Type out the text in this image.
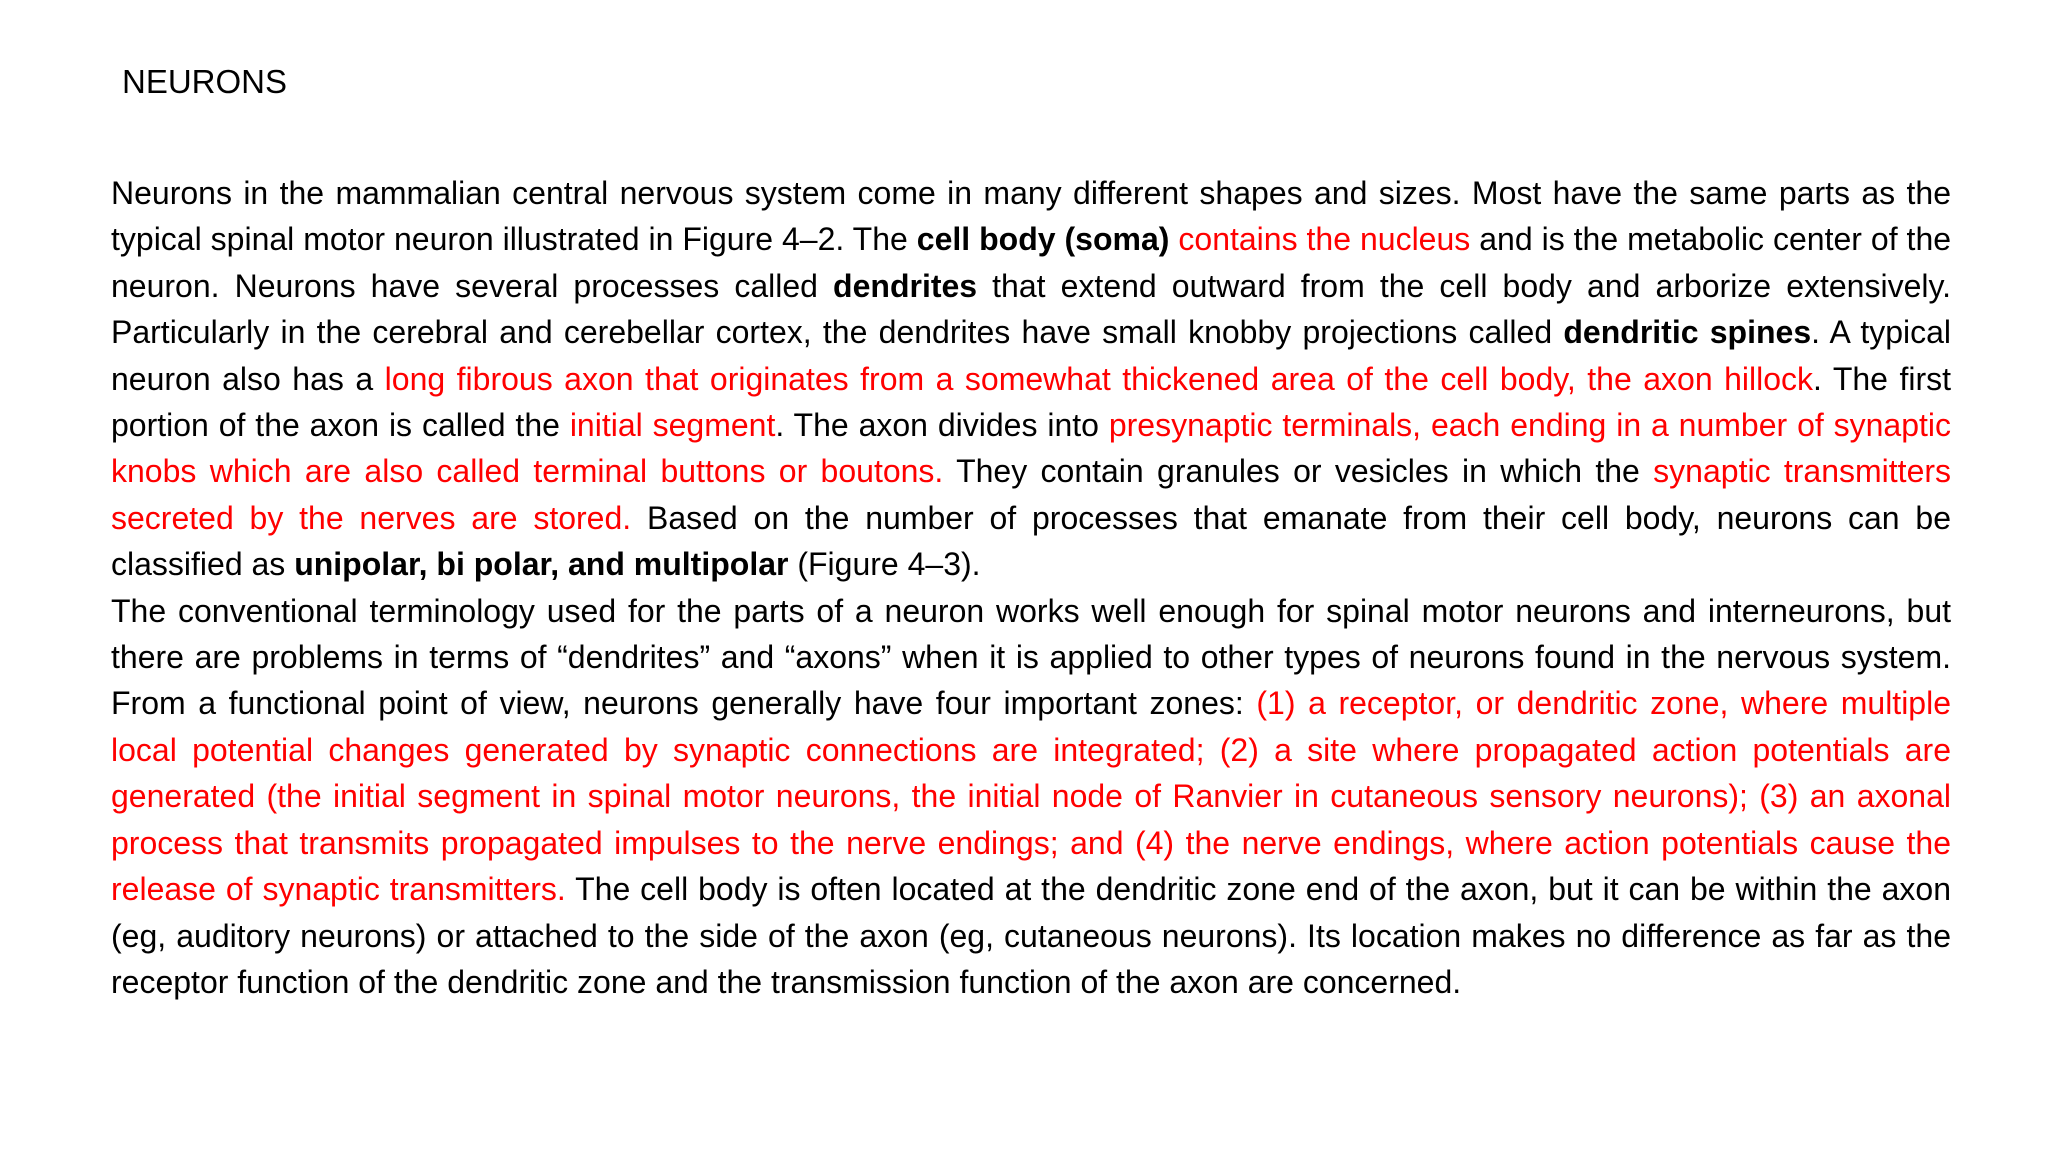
NEURONS

Neurons in the mammalian central nervous system come in many different shapes and sizes. Most have the same parts as the typical spinal motor neuron illustrated in Figure 4–2. The cell body (soma) contains the nucleus and is the metabolic center of the neuron. Neurons have several processes called dendrites that extend outward from the cell body and arborize extensively. Particularly in the cerebral and cerebellar cortex, the dendrites have small knobby projections called dendritic spines. A typical neuron also has a long fibrous axon that originates from a somewhat thickened area of the cell body, the axon hillock. The first portion of the axon is called the initial segment. The axon divides into presynaptic terminals, each ending in a number of synaptic knobs which are also called terminal buttons or boutons. They contain granules or vesicles in which the synaptic transmitters secreted by the nerves are stored. Based on the number of processes that emanate from their cell body, neurons can be classified as unipolar, bi polar, and multipolar (Figure 4–3).

The conventional terminology used for the parts of a neuron works well enough for spinal motor neurons and interneurons, but there are problems in terms of “dendrites” and “axons” when it is applied to other types of neurons found in the nervous system. From a functional point of view, neurons generally have four important zones: (1) a receptor, or dendritic zone, where multiple local potential changes generated by synaptic connections are integrated; (2) a site where propagated action potentials are generated (the initial segment in spinal motor neurons, the initial node of Ranvier in cutaneous sensory neurons); (3) an axonal process that transmits propagated impulses to the nerve endings; and (4) the nerve endings, where action potentials cause the release of synaptic transmitters. The cell body is often located at the dendritic zone end of the axon, but it can be within the axon (eg, auditory neurons) or attached to the side of the axon (eg, cutaneous neurons). Its location makes no difference as far as the receptor function of the dendritic zone and the transmission function of the axon are concerned.
